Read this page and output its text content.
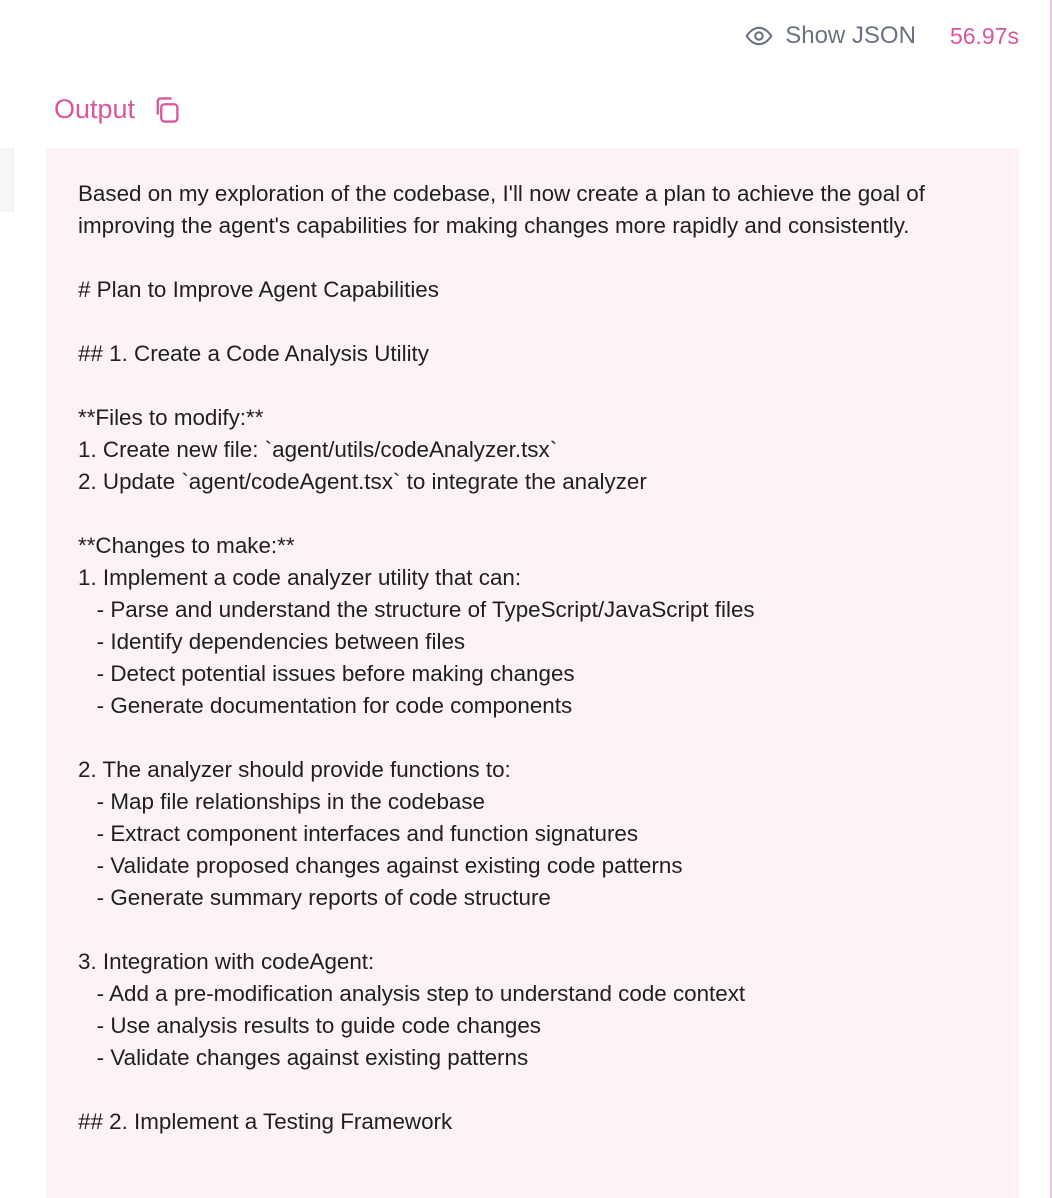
Show JSON 56.97s
Output
Based on my exploration of the codebase, I'll now create a plan to achieve the goal of improving the agent's capabilities for making changes more rapidly and consistently.

# Plan to Improve Agent Capabilities

## 1. Create a Code Analysis Utility

**Files to modify:**
1. Create new file: `agent/utils/codeAnalyzer.tsx`
2. Update `agent/codeAgent.tsx` to integrate the analyzer

**Changes to make:**
1. Implement a code analyzer utility that can:
- Parse and understand the structure of TypeScript/JavaScript files
- Identify dependencies between files
- Detect potential issues before making changes
- Generate documentation for code components

2. The analyzer should provide functions to:
- Map file relationships in the codebase
- Extract component interfaces and function signatures
- Validate proposed changes against existing code patterns
- Generate summary reports of code structure

3. Integration with codeAgent:
- Add a pre-modification analysis step to understand code context
- Use analysis results to guide code changes
- Validate changes against existing patterns

## 2. Implement a Testing Framework
